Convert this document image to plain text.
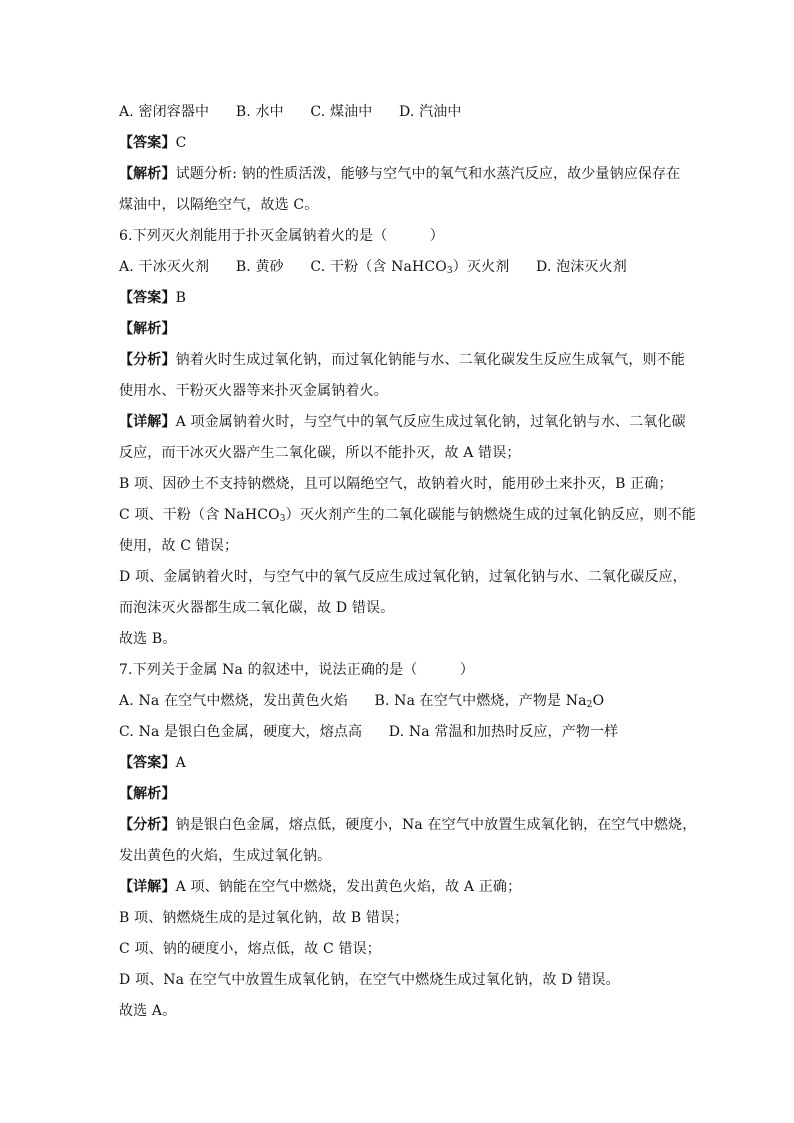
A. 密闭容器中 B. 水中 C. 煤油中 D. 汽油中
【答案】C
【解析】试题分析: 钠的性质活泼，能够与空气中的氧气和水蒸汽反应，故少量钠应保存在
煤油中，以隔绝空气，故选 C。
6.下列灭火剂能用于扑灭金属钠着火的是（　　　）
A. 干冰灭火剂 B. 黄砂 C. 干粉（含 NaHCO$_3$）灭火剂 D. 泡沫灭火剂
【答案】B
【解析】
【分析】钠着火时生成过氧化钠，而过氧化钠能与水、二氧化碳发生反应生成氧气，则不能
使用水、干粉灭火器等来扑灭金属钠着火。
【详解】A 项金属钠着火时，与空气中的氧气反应生成过氧化钠，过氧化钠与水、二氧化碳
反应，而干冰灭火器产生二氧化碳，所以不能扑灭，故 A 错误；
B 项、因砂土不支持钠燃烧，且可以隔绝空气，故钠着火时，能用砂土来扑灭，B 正确；
C 项、干粉（含 NaHCO$_3$）灭火剂产生的二氧化碳能与钠燃烧生成的过氧化钠反应，则不能
使用，故 C 错误；
D 项、金属钠着火时，与空气中的氧气反应生成过氧化钠，过氧化钠与水、二氧化碳反应，
而泡沫灭火器都生成二氧化碳，故 D 错误。
故选 B。
7.下列关于金属 Na 的叙述中，说法正确的是（　　　）
A. Na 在空气中燃烧，发出黄色火焰 B. Na 在空气中燃烧，产物是 $Na_2O$
C. Na 是银白色金属，硬度大，熔点高 D. Na 常温和加热时反应，产物一样
【答案】A
【解析】
【分析】钠是银白色金属，熔点低，硬度小，Na 在空气中放置生成氧化钠，在空气中燃烧，
发出黄色的火焰，生成过氧化钠。
【详解】A 项、钠能在空气中燃烧，发出黄色火焰，故 A 正确；
B 项、钠燃烧生成的是过氧化钠，故 B 错误；
C 项、钠的硬度小，熔点低，故 C 错误；
D 项、Na 在空气中放置生成氧化钠，在空气中燃烧生成过氧化钠，故 D 错误。
故选 A。
